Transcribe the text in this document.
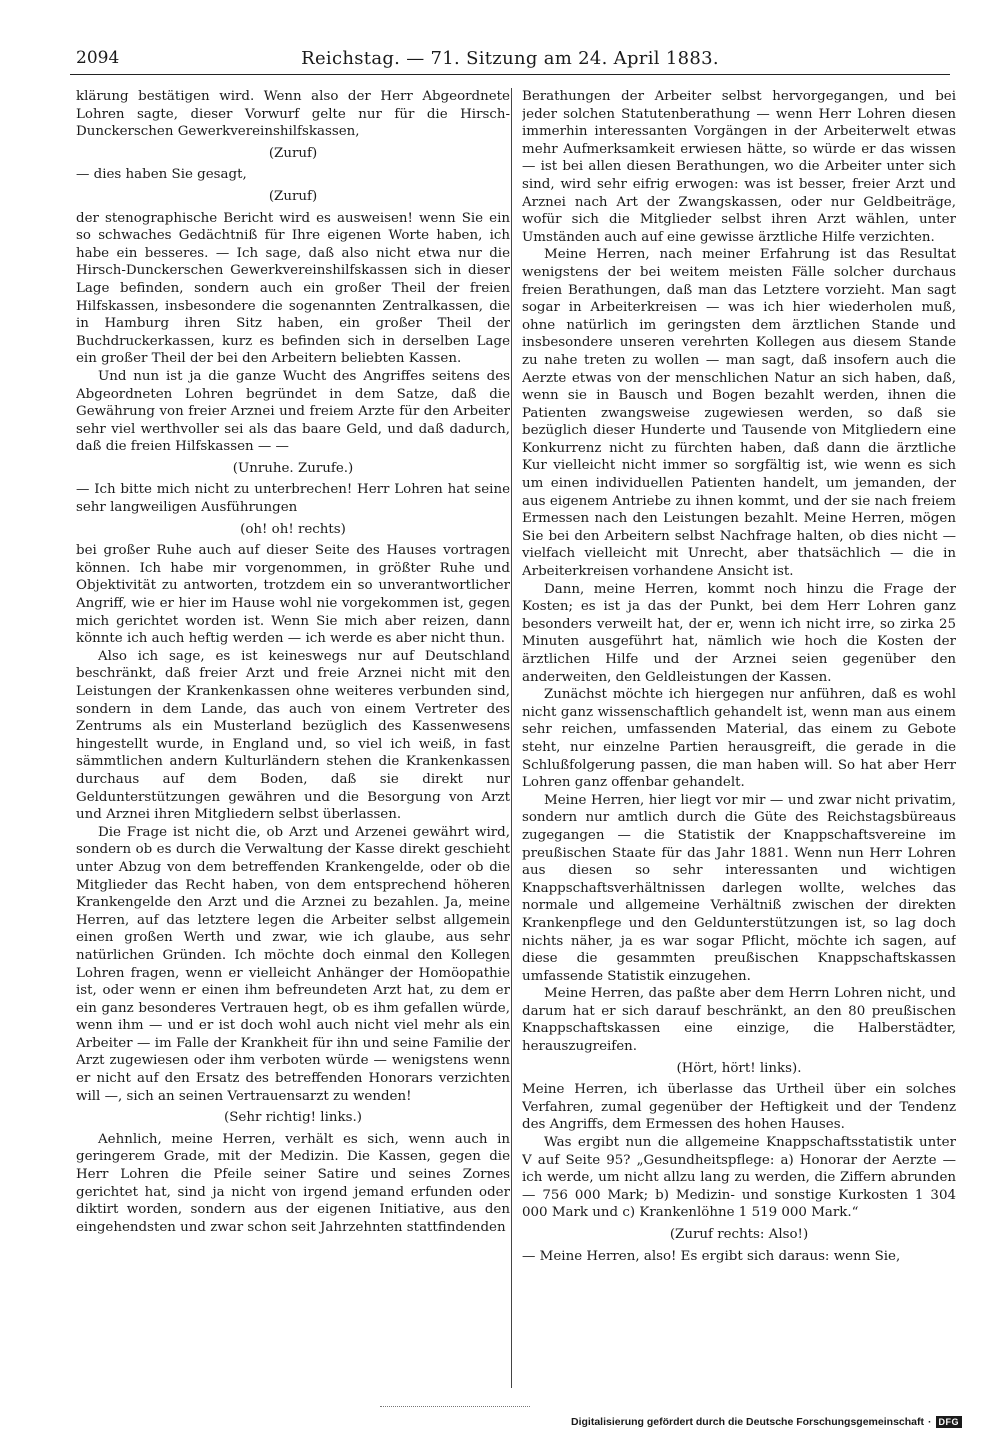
2094	Reichstag. — 71. Sitzung am 24. April 1883.

klärung bestätigen wird. Wenn also der Herr Abgeordnete Lohren sagte, dieser Vorwurf gelte nur für die Hirsch-Dunckerschen Gewerkvereinshilfskassen,

(Zuruf)

— dies haben Sie gesagt,

(Zuruf)

der stenographische Bericht wird es ausweisen! wenn Sie ein so schwaches Gedächtniß für Ihre eigenen Worte haben, ich habe ein besseres. — Ich sage, daß also nicht etwa nur die Hirsch-Dunckerschen Gewerkvereinshilfskassen sich in dieser Lage befinden, sondern auch ein großer Theil der freien Hilfskassen, insbesondere die sogenannten Zentralkassen, die in Hamburg ihren Sitz haben, ein großer Theil der Buchdruckerkassen, kurz es befinden sich in derselben Lage ein großer Theil der bei den Arbeitern beliebten Kassen.

Und nun ist ja die ganze Wucht des Angriffes seitens des Abgeordneten Lohren begründet in dem Satze, daß die Gewährung von freier Arznei und freiem Arzte für den Arbeiter sehr viel werthvoller sei als das baare Geld, und daß dadurch, daß die freien Hilfskassen — —

(Unruhe. Zurufe.)

— Ich bitte mich nicht zu unterbrechen! Herr Lohren hat seine sehr langweiligen Ausführungen

(oh! oh! rechts)

bei großer Ruhe auch auf dieser Seite des Hauses vortragen können. Ich habe mir vorgenommen, in größter Ruhe und Objektivität zu antworten, trotzdem ein so unverantwortlicher Angriff, wie er hier im Hause wohl nie vorgekommen ist, gegen mich gerichtet worden ist. Wenn Sie mich aber reizen, dann könnte ich auch heftig werden — ich werde es aber nicht thun.

Also ich sage, es ist keineswegs nur auf Deutschland beschränkt, daß freier Arzt und freie Arznei nicht mit den Leistungen der Krankenkassen ohne weiteres verbunden sind, sondern in dem Lande, das auch von einem Vertreter des Zentrums als ein Musterland bezüglich des Kassenwesens hingestellt wurde, in England und, so viel ich weiß, in fast sämmtlichen andern Kulturländern stehen die Krankenkassen durchaus auf dem Boden, daß sie direkt nur Geldunterstützungen gewähren und die Besorgung von Arzt und Arznei ihren Mitgliedern selbst überlassen.

Die Frage ist nicht die, ob Arzt und Arzenei gewährt wird, sondern ob es durch die Verwaltung der Kasse direkt geschieht unter Abzug von dem betreffenden Krankengelde, oder ob die Mitglieder das Recht haben, von dem entsprechend höheren Krankengelde den Arzt und die Arznei zu bezahlen. Ja, meine Herren, auf das letztere legen die Arbeiter selbst allgemein einen großen Werth und zwar, wie ich glaube, aus sehr natürlichen Gründen. Ich möchte doch einmal den Kollegen Lohren fragen, wenn er vielleicht Anhänger der Homöopathie ist, oder wenn er einen ihm befreundeten Arzt hat, zu dem er ein ganz besonderes Vertrauen hegt, ob es ihm gefallen würde, wenn ihm — und er ist doch wohl auch nicht viel mehr als ein Arbeiter — im Falle der Krankheit für ihn und seine Familie der Arzt zugewiesen oder ihm verboten würde — wenigstens wenn er nicht auf den Ersatz des betreffenden Honorars verzichten will —, sich an seinen Vertrauensarzt zu wenden!

(Sehr richtig! links.)

Aehnlich, meine Herren, verhält es sich, wenn auch in geringerem Grade, mit der Medizin. Die Kassen, gegen die Herr Lohren die Pfeile seiner Satire und seines Zornes gerichtet hat, sind ja nicht von irgend jemand erfunden oder diktirt worden, sondern aus der eigenen Initiative, aus den eingehendsten und zwar schon seit Jahrzehnten stattfindenden

Berathungen der Arbeiter selbst hervorgegangen, und bei jeder solchen Statutenberathung — wenn Herr Lohren diesen immerhin interessanten Vorgängen in der Arbeiterwelt etwas mehr Aufmerksamkeit erwiesen hätte, so würde er das wissen — ist bei allen diesen Berathungen, wo die Arbeiter unter sich sind, wird sehr eifrig erwogen: was ist besser, freier Arzt und Arznei nach Art der Zwangskassen, oder nur Geldbeiträge, wofür sich die Mitglieder selbst ihren Arzt wählen, unter Umständen auch auf eine gewisse ärztliche Hilfe verzichten.

Meine Herren, nach meiner Erfahrung ist das Resultat wenigstens der bei weitem meisten Fälle solcher durchaus freien Berathungen, daß man das Letztere vorzieht. Man sagt sogar in Arbeiterkreisen — was ich hier wiederholen muß, ohne natürlich im geringsten dem ärztlichen Stande und insbesondere unseren verehrten Kollegen aus diesem Stande zu nahe treten zu wollen — man sagt, daß insofern auch die Aerzte etwas von der menschlichen Natur an sich haben, daß, wenn sie in Bausch und Bogen bezahlt werden, ihnen die Patienten zwangsweise zugewiesen werden, so daß sie bezüglich dieser Hunderte und Tausende von Mitgliedern eine Konkurrenz nicht zu fürchten haben, daß dann die ärztliche Kur vielleicht nicht immer so sorgfältig ist, wie wenn es sich um einen individuellen Patienten handelt, um jemanden, der aus eigenem Antriebe zu ihnen kommt, und der sie nach freiem Ermessen nach den Leistungen bezahlt. Meine Herren, mögen Sie bei den Arbeitern selbst Nachfrage halten, ob dies nicht — vielfach vielleicht mit Unrecht, aber thatsächlich — die in Arbeiterkreisen vorhandene Ansicht ist.

Dann, meine Herren, kommt noch hinzu die Frage der Kosten; es ist ja das der Punkt, bei dem Herr Lohren ganz besonders verweilt hat, der er, wenn ich nicht irre, so zirka 25 Minuten ausgeführt hat, nämlich wie hoch die Kosten der ärztlichen Hilfe und der Arznei seien gegenüber den anderweiten, den Geldleistungen der Kassen.

Zunächst möchte ich hiergegen nur anführen, daß es wohl nicht ganz wissenschaftlich gehandelt ist, wenn man aus einem sehr reichen, umfassenden Material, das einem zu Gebote steht, nur einzelne Partien herausgreift, die gerade in die Schlußfolgerung passen, die man haben will. So hat aber Herr Lohren ganz offenbar gehandelt.

Meine Herren, hier liegt vor mir — und zwar nicht privatim, sondern nur amtlich durch die Güte des Reichstagsbüreaus zugegangen — die Statistik der Knappschaftsvereine im preußischen Staate für das Jahr 1881. Wenn nun Herr Lohren aus diesen so sehr interessanten und wichtigen Knappschaftsverhältnissen darlegen wollte, welches das normale und allgemeine Verhältniß zwischen der direkten Krankenpflege und den Geldunterstützungen ist, so lag doch nichts näher, ja es war sogar Pflicht, möchte ich sagen, auf diese die gesammten preußischen Knappschaftskassen umfassende Statistik einzugehen.

Meine Herren, das paßte aber dem Herrn Lohren nicht, und darum hat er sich darauf beschränkt, an den 80 preußischen Knappschaftskassen eine einzige, die Halberstädter, herauszugreifen.

(Hört, hört! links).

Meine Herren, ich überlasse das Urtheil über ein solches Verfahren, zumal gegenüber der Heftigkeit und der Tendenz des Angriffs, dem Ermessen des hohen Hauses.

Was ergibt nun die allgemeine Knappschaftsstatistik unter V auf Seite 95? „Gesundheitspflege: a) Honorar der Aerzte — ich werde, um nicht allzu lang zu werden, die Ziffern abrunden — 756 000 Mark; b) Medizin- und sonstige Kurkosten 1 304 000 Mark und c) Krankenlöhne 1 519 000 Mark.“

(Zuruf rechts: Also!)

— Meine Herren, also! Es ergibt sich daraus: wenn Sie,

Digitalisierung gefördert durch die Deutsche Forschungsgemeinschaft · DFG
